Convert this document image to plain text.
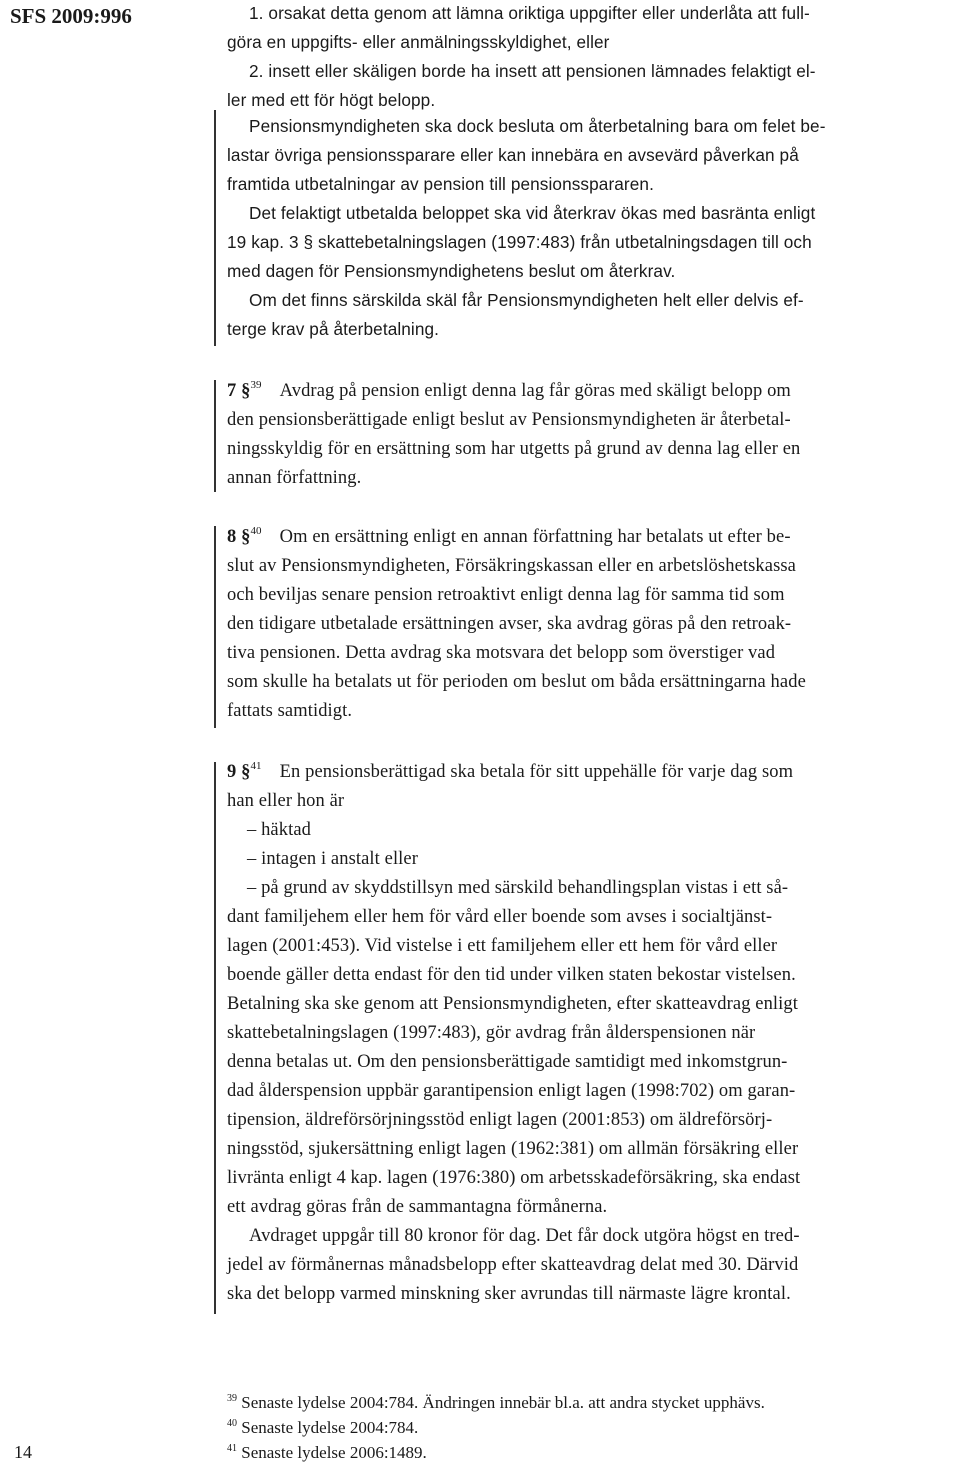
SFS 2009:996	1. orsakat detta genom att lämna oriktiga uppgifter eller underlåta att full-
göra en uppgifts- eller anmälningsskyldighet, eller
2. insett eller skäligen borde ha insett att pensionen lämnades felaktigt el-
ler med ett för högt belopp.
Pensionsmyndigheten ska dock besluta om återbetalning bara om felet be-
lastar övriga pensionssparare eller kan innebära en avsevärd påverkan på
framtida utbetalningar av pension till pensionsspararen.
Det felaktigt utbetalda beloppet ska vid återkrav ökas med basränta enligt
19 kap. 3 § skattebetalningslagen (1997:483) från utbetalningsdagen till och
med dagen för Pensionsmyndighetens beslut om återkrav.
Om det finns särskilda skäl får Pensionsmyndigheten helt eller delvis ef-
terge krav på återbetalning.
7 §$^{39}$ Avdrag på pension enligt denna lag får göras med skäligt belopp om
den pensionsberättigade enligt beslut av Pensionsmyndigheten är återbetal-
ningsskyldig för en ersättning som har utgetts på grund av denna lag eller en
annan författning.
8 §$^{40}$ Om en ersättning enligt en annan författning har betalats ut efter be-
slut av Pensionsmyndigheten, Försäkringskassan eller en arbetslöshetskassa
och beviljas senare pension retroaktivt enligt denna lag för samma tid som
den tidigare utbetalade ersättningen avser, ska avdrag göras på den retroak-
tiva pensionen. Detta avdrag ska motsvara det belopp som överstiger vad
som skulle ha betalats ut för perioden om beslut om båda ersättningarna hade
fattats samtidigt.
9 §$^{41}$ En pensionsberättigad ska betala för sitt uppehälle för varje dag som
han eller hon är
– häktad
– intagen i anstalt eller
– på grund av skyddstillsyn med särskild behandlingsplan vistas i ett så-
dant familjehem eller hem för vård eller boende som avses i socialtjänst-
lagen (2001:453). Vid vistelse i ett familjehem eller ett hem för vård eller
boende gäller detta endast för den tid under vilken staten bekostar vistelsen.
Betalning ska ske genom att Pensionsmyndigheten, efter skatteavdrag enligt
skattebetalningslagen (1997:483), gör avdrag från ålderspensionen när
denna betalas ut. Om den pensionsberättigade samtidigt med inkomstgrun-
dad ålderspension uppbär garantipension enligt lagen (1998:702) om garan-
tipension, äldreförsörjningsstöd enligt lagen (2001:853) om äldreförsörj-
ningsstöd, sjukersättning enligt lagen (1962:381) om allmän försäkring eller
livränta enligt 4 kap. lagen (1976:380) om arbetsskadeförsäkring, ska endast
ett avdrag göras från de sammantagna förmånerna.
Avdraget uppgår till 80 kronor för dag. Det får dock utgöra högst en tred-
jedel av förmånernas månadsbelopp efter skatteavdrag delat med 30. Därvid
ska det belopp varmed minskning sker avrundas till närmaste lägre krontal.
$^{39}$ Senaste lydelse 2004:784. Ändringen innebär bl.a. att andra stycket upphävs.
$^{40}$ Senaste lydelse 2004:784.
$^{41}$ Senaste lydelse 2006:1489.
14
